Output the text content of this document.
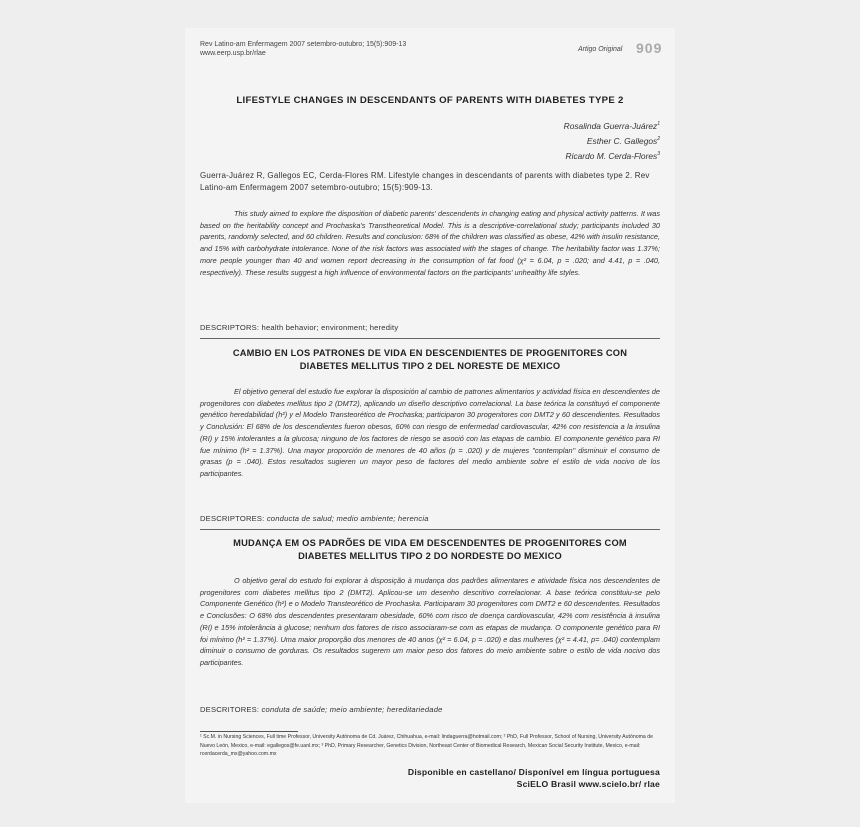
Rev Latino-am Enfermagem 2007 setembro-outubro; 15(5):909-13
www.eerp.usp.br/rlae
Artigo Original 909
LIFESTYLE CHANGES IN DESCENDANTS OF PARENTS WITH DIABETES TYPE 2
Rosalinda Guerra-Juárez$^1$
Esther C. Gallegos$^2$
Ricardo M. Cerda-Flores$^3$
Guerra-Juárez R, Gallegos EC, Cerda-Flores RM. Lifestyle changes in descendants of parents with diabetes type 2. Rev Latino-am Enfermagem 2007 setembro-outubro; 15(5):909-13.
This study aimed to explore the disposition of diabetic parents' descendents in changing eating and physical activity patterns. It was based on the heritability concept and Prochaska's Transtheoretical Model. This is a descriptive-correlational study; participants included 30 parents, randomly selected, and 60 children. Results and conclusion: 68% of the children was classified as obese, 42% with insulin resistance, and 15% with carbohydrate intolerance. None of the risk factors was associated with the stages of change. The heritability factor was 1.37%; more people younger than 40 and women report decreasing in the consumption of fat food (χ² = 6.04, p = .020; and 4.41, p = .040, respectively). These results suggest a high influence of environmental factors on the participants' unhealthy life styles.
DESCRIPTORS: health behavior; environment; heredity
CAMBIO EN LOS PATRONES DE VIDA EN DESCENDIENTES DE PROGENITORES CON
DIABETES MELLITUS TIPO 2 DEL NORESTE DE MEXICO
El objetivo general del estudio fue explorar la disposición al cambio de patrones alimentarios y actividad física en descendientes de progenitores con diabetes mellitus tipo 2 (DMT2), aplicando un diseño descriptivo correlacional. La base teórica la constituyó el componente genético heredabilidad (h²) y el Modelo Transteorético de Prochaska; participaron 30 progenitores con DMT2 y 60 descendientes. Resultados y Conclusión: El 68% de los descendientes fueron obesos, 60% con riesgo de enfermedad cardiovascular, 42% con resistencia a la insulina (RI) y 15% intolerantes a la glucosa; ninguno de los factores de riesgo se asoció con las etapas de cambio. El componente genético para RI fue mínimo (h² = 1.37%). Una mayor proporción de menores de 40 años (p = .020) y de mujeres "contemplan" disminuir el consumo de grasas (p = .040). Estos resultados sugieren un mayor peso de factores del medio ambiente sobre el estilo de vida nocivo de los participantes.
DESCRIPTORES: conducta de salud; medio ambiente; herencia
MUDANÇA EM OS PADRÕES DE VIDA EM DESCENDENTES DE PROGENITORES COM
DIABETES MELLITUS TIPO 2 DO NORDESTE DO MEXICO
O objetivo geral do estudo foi explorar à disposição à mudança dos padrões alimentares e atividade física nos descendentes de progenitores com diabetes mellitus tipo 2 (DMT2). Aplicou-se um desenho descritivo correlacionar. A base teórica constituiu-se pelo Componente Genético (h²) e o Modelo Transteorético de Prochaska. Participaram 30 progenitores com DMT2 e 60 descendentes. Resultados e Conclusões: O 68% dos descendentes presentaram obesidade, 60% com risco de doença cardiovascular, 42% com resistência à insulina (RI) e 15% intolerância à glucose; nenhum dos fatores de risco associaram-se com as etapas de mudança. O componente genético para RI foi mínimo (h² = 1.37%). Uma maior proporção dos menores de 40 anos (χ² = 6.04, p = .020) e das mulheres (χ² = 4.41, p= .040) contemplam diminuir o consumo de gorduras. Os resultados sugerem um maior peso dos fatores do meio ambiente sobre o estilo de vida nocivo dos participantes.
DESCRITORES: conduta de saúde; meio ambiente; hereditariedade
¹ Sc.M. in Nursing Sciences, Full time Professor, University Autónoma de Cd. Juárez, Chihuahua, e-mail: lindaguerra@hotmail.com; ² PhD, Full Professor, School of Nursing, University Autónoma de Nuevo León, Mexico, e-mail: egallegos@fe.uanl.mx; ³ PhD, Primary Researcher, Genetics Division, Northeast Center of Biomedical Research, Mexican Social Security Institute, Mexico, e-mail: rcerdacerda_mx@yahoo.com.mx
Disponible en castellano/ Disponível em língua portuguesa
SciELO Brasil www.scielo.br/ rlae
